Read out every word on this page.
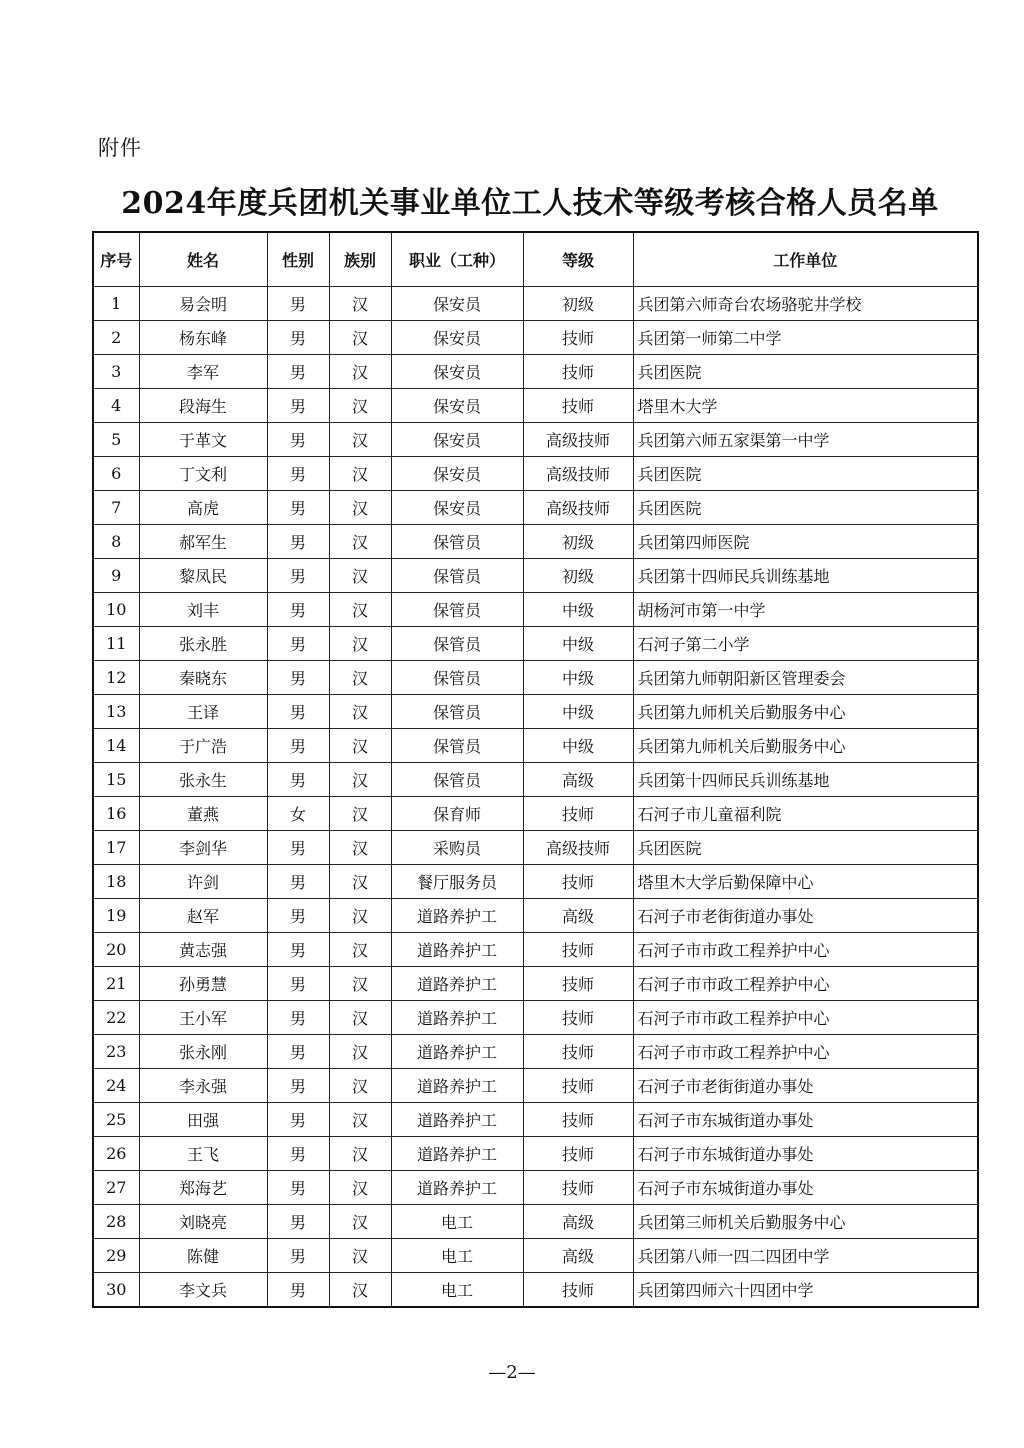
附件
2024年度兵团机关事业单位工人技术等级考核合格人员名单
序号	姓名	性别	族别	职业（工种）	等级	工作单位
1	易会明	男	汉	保安员	初级	兵团第六师奇台农场骆驼井学校
2	杨东峰	男	汉	保安员	技师	兵团第一师第二中学
3	李军	男	汉	保安员	技师	兵团医院
4	段海生	男	汉	保安员	技师	塔里木大学
5	于革文	男	汉	保安员	高级技师	兵团第六师五家渠第一中学
6	丁文利	男	汉	保安员	高级技师	兵团医院
7	高虎	男	汉	保安员	高级技师	兵团医院
8	郝军生	男	汉	保管员	初级	兵团第四师医院
9	黎凤民	男	汉	保管员	初级	兵团第十四师民兵训练基地
10	刘丰	男	汉	保管员	中级	胡杨河市第一中学
11	张永胜	男	汉	保管员	中级	石河子第二小学
12	秦晓东	男	汉	保管员	中级	兵团第九师朝阳新区管理委会
13	王译	男	汉	保管员	中级	兵团第九师机关后勤服务中心
14	于广浩	男	汉	保管员	中级	兵团第九师机关后勤服务中心
15	张永生	男	汉	保管员	高级	兵团第十四师民兵训练基地
16	董燕	女	汉	保育师	技师	石河子市儿童福利院
17	李剑华	男	汉	采购员	高级技师	兵团医院
18	许剑	男	汉	餐厅服务员	技师	塔里木大学后勤保障中心
19	赵军	男	汉	道路养护工	高级	石河子市老街街道办事处
20	黄志强	男	汉	道路养护工	技师	石河子市市政工程养护中心
21	孙勇慧	男	汉	道路养护工	技师	石河子市市政工程养护中心
22	王小军	男	汉	道路养护工	技师	石河子市市政工程养护中心
23	张永刚	男	汉	道路养护工	技师	石河子市市政工程养护中心
24	李永强	男	汉	道路养护工	技师	石河子市老街街道办事处
25	田强	男	汉	道路养护工	技师	石河子市东城街道办事处
26	王飞	男	汉	道路养护工	技师	石河子市东城街道办事处
27	郑海艺	男	汉	道路养护工	技师	石河子市东城街道办事处
28	刘晓亮	男	汉	电工	高级	兵团第三师机关后勤服务中心
29	陈健	男	汉	电工	高级	兵团第八师一四二四团中学
30	李文兵	男	汉	电工	技师	兵团第四师六十四团中学
—2—
